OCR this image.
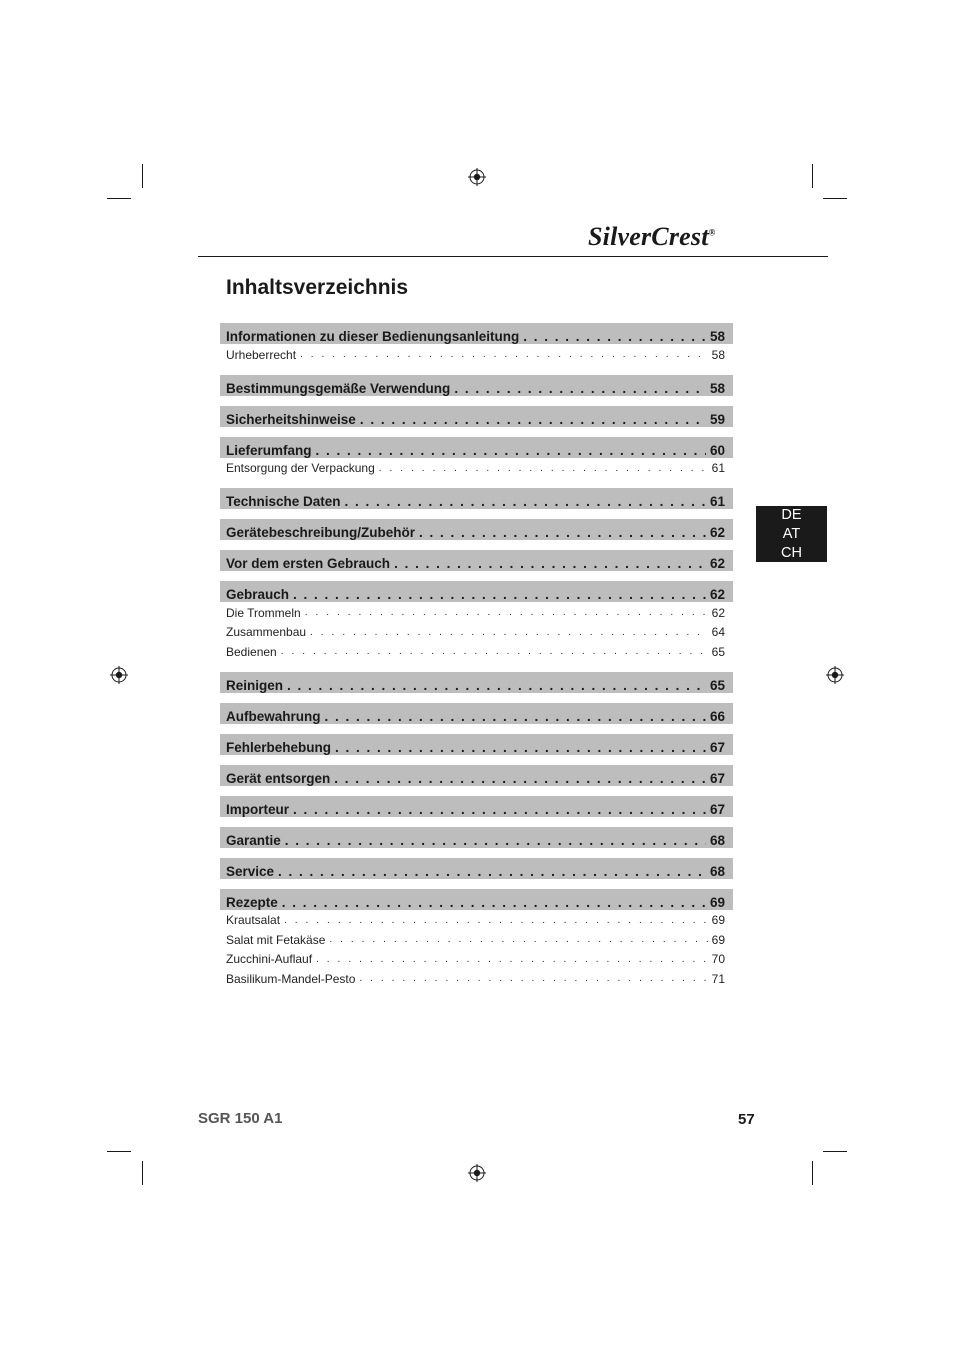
SilverCrest®
Inhaltsverzeichnis
Informationen zu dieser Bedienungsanleitung . . .	58
Urheberrecht . . .	58
Bestimmungsgemäße Verwendung . . .	58
Sicherheitshinweise . . .	59
Lieferumfang . . .	60
Entsorgung der Verpackung . . .	61
Technische Daten . . .	61
Gerätebeschreibung/Zubehör . . .	62
Vor dem ersten Gebrauch . . .	62
Gebrauch . . .	62
Die Trommeln . . .	62
Zusammenbau . . .	64
Bedienen . . .	65
Reinigen . . .	65
Aufbewahrung . . .	66
Fehlerbehebung . . .	67
Gerät entsorgen . . .	67
Importeur . . .	67
Garantie . . .	68
Service . . .	68
Rezepte . . .	69
Krautsalat . . .	69
Salat mit Fetakäse . . .	69
Zucchini-Auflauf . . .	70
Basilikum-Mandel-Pesto . . .	71
DE
AT
CH
SGR 150 A1	57
